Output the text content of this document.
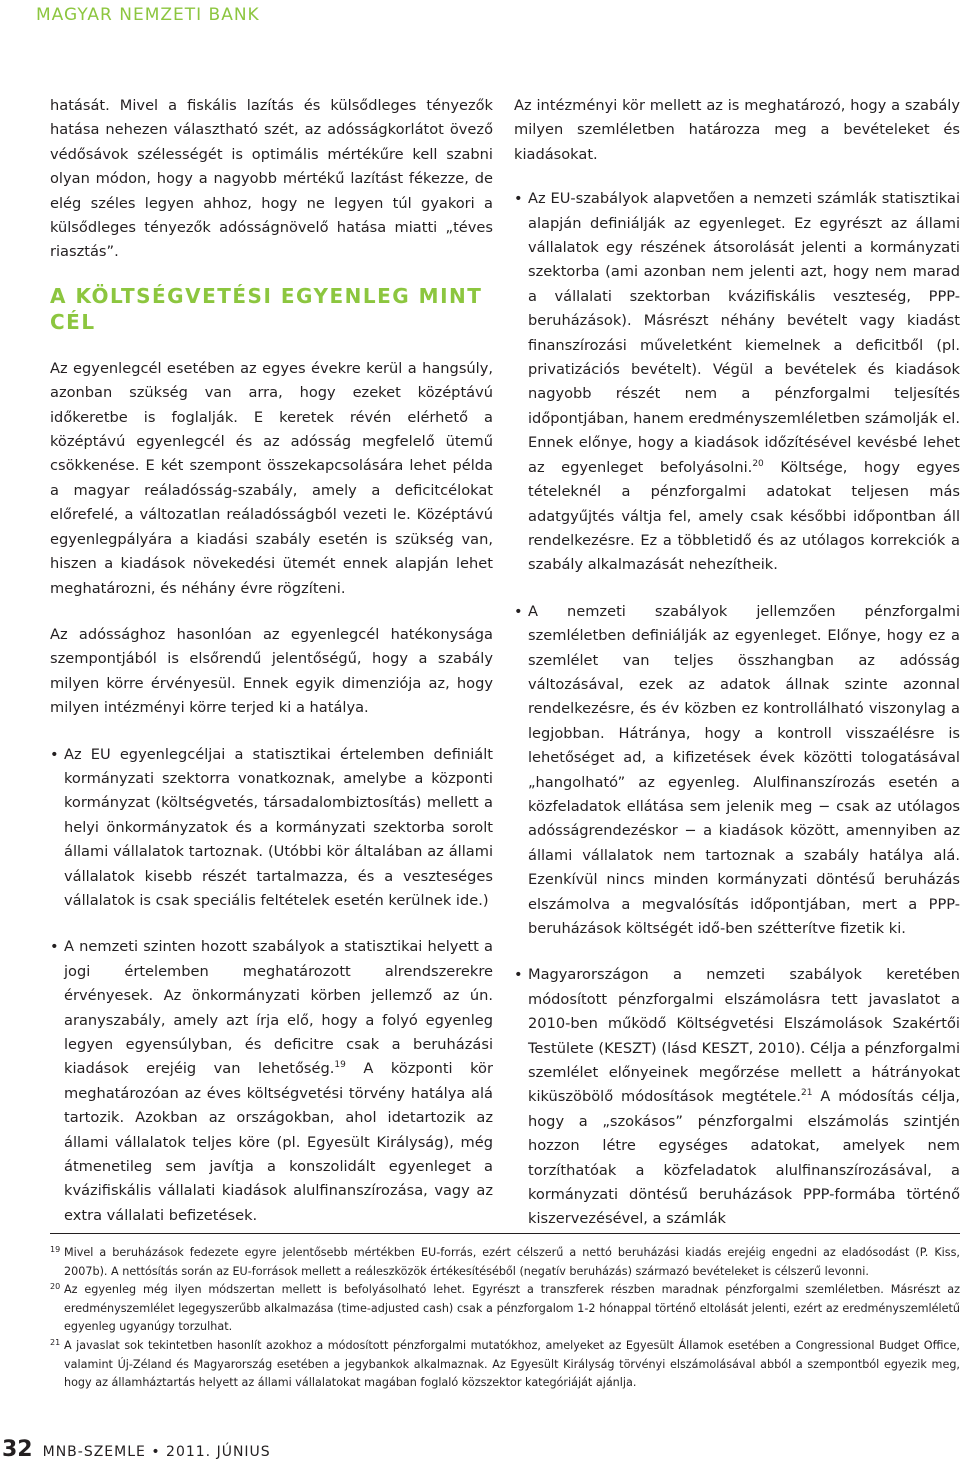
MAGYAR NEMZETI BANK

hatását. Mivel a fiskális lazítás és külsődleges tényezők hatása nehezen választható szét, az adósságkorlátot övező védősávok szélességét is optimális mértékűre kell szabni olyan módon, hogy a nagyobb mértékű lazítást fékezze, de elég széles legyen ahhoz, hogy ne legyen túl gyakori a külsődleges tényezők adósságnövelő hatása miatti „téves riasztás”.

A KÖLTSÉGVETÉSI EGYENLEG MINT CÉL

Az egyenlegcél esetében az egyes évekre kerül a hangsúly, azonban szükség van arra, hogy ezeket középtávú időkeretbe is foglalják. E keretek révén elérhető a középtávú egyenlegcél és az adósság megfelelő ütemű csökkenése. E két szempont összekapcsolására lehet példa a magyar reáladósság-szabály, amely a deficitcélokat előrefelé, a változatlan reáladósságból vezeti le. Középtávú egyenlegpályára a kiadási szabály esetén is szükség van, hiszen a kiadások növekedési ütemét ennek alapján lehet meghatározni, és néhány évre rögzíteni.

Az adóssághoz hasonlóan az egyenlegcél hatékonysága szempontjából is elsőrendű jelentőségű, hogy a szabály milyen körre érvényesül. Ennek egyik dimenziója az, hogy milyen intézményi körre terjed ki a hatálya.

• Az EU egyenlegcéljai a statisztikai értelemben definiált kormányzati szektorra vonatkoznak, amelybe a központi kormányzat (költségvetés, társadalombiztosítás) mellett a helyi önkormányzatok és a kormányzati szektorba sorolt állami vállalatok tartoznak. (Utóbbi kör általában az állami vállalatok kisebb részét tartalmazza, és a veszteséges vállalatok is csak speciális feltételek esetén kerülnek ide.)

• A nemzeti szinten hozott szabályok a statisztikai helyett a jogi értelemben meghatározott alrendszerekre érvényesek. Az önkormányzati körben jellemző az ún. aranyszabály, amely azt írja elő, hogy a folyó egyenleg legyen egyensúlyban, és deficitre csak a beruházási kiadások erejéig van lehetőség.$^{19}$ A központi kör meghatározóan az éves költségvetési törvény hatálya alá tartozik. Azokban az országokban, ahol idetartozik az állami vállalatok teljes köre (pl. Egyesült Királyság), még átmenetileg sem javítja a konszolidált egyenleget a kvázifiskális vállalati kiadások alulfinanszírozása, vagy az extra vállalati befizetések.

Az intézményi kör mellett az is meghatározó, hogy a szabály milyen szemléletben határozza meg a bevételeket és kiadásokat.

• Az EU-szabályok alapvetően a nemzeti számlák statisztikai alapján definiálják az egyenleget. Ez egyrészt az állami vállalatok egy részének átsorolását jelenti a kormányzati szektorba (ami azonban nem jelenti azt, hogy nem marad a vállalati szektorban kvázifiskális veszteség, PPP-beruházások). Másrészt néhány bevételt vagy kiadást finanszírozási műveletként kiemelnek a deficitből (pl. privatizációs bevételt). Végül a bevételek és kiadások nagyobb részét nem a pénzforgalmi teljesítés időpontjában, hanem eredményszemléletben számolják el. Ennek előnye, hogy a kiadások időzítésével kevésbé lehet az egyenleget befolyásolni.$^{20}$ Költsége, hogy egyes tételeknél a pénzforgalmi adatokat teljesen más adatgyűjtés váltja fel, amely csak későbbi időpontban áll rendelkezésre. Ez a többletidő és az utólagos korrekciók a szabály alkalmazását nehezítheik.

• A nemzeti szabályok jellemzően pénzforgalmi szemléletben definiálják az egyenleget. Előnye, hogy ez a szemlélet van teljes összhangban az adósság változásával, ezek az adatok állnak szinte azonnal rendelkezésre, és év közben ez kontrollálható viszonylag a legjobban. Hátránya, hogy a kontroll visszaélésre is lehetőséget ad, a kifizetések évek közötti tologatásával „hangolható” az egyenleg. Alulfinanszírozás esetén a közfeladatok ellátása sem jelenik meg − csak az utólagos adósságrendezéskor − a kiadások között, amennyiben az állami vállalatok nem tartoznak a szabály hatálya alá. Ezenkívül nincs minden kormányzati döntésű beruházás elszámolva a megvalósítás időpontjában, mert a PPP-beruházások költségét idő-ben szétterítve fizetik ki.

• Magyarországon a nemzeti szabályok keretében módosított pénzforgalmi elszámolásra tett javaslatot a 2010-ben működő Költségvetési Elszámolások Szakértői Testülete (KESZT) (lásd KESZT, 2010). Célja a pénzforgalmi szemlélet előnyeinek megőrzése mellett a hátrányokat kiküszöbölő módosítások megtétele.$^{21}$ A módosítás célja, hogy a „szokásos” pénzforgalmi elszámolás szintjén hozzon létre egységes adatokat, amelyek nem torzíthatóak a közfeladatok alulfinanszírozásával, a kormányzati döntésű beruházások PPP-formába történő kiszervezésével, a számlák

19 Mivel a beruházások fedezete egyre jelentősebb mértékben EU-forrás, ezért célszerű a nettó beruházási kiadás erejéig engedni az eladósodást (P. Kiss, 2007b). A nettósítás során az EU-források mellett a reáleszközök értékesítéséből (negatív beruházás) származó bevételeket is célszerű levonni.

20 Az egyenleg még ilyen módszertan mellett is befolyásolható lehet. Egyrészt a transzferek részben maradnak pénzforgalmi szemléletben. Másrészt az eredményszemlélet legegyszerűbb alkalmazása (time-adjusted cash) csak a pénzforgalom 1-2 hónappal történő eltolását jelenti, ezért az eredményszemléletű egyenleg ugyanúgy torzulhat.

21 A javaslat sok tekintetben hasonlít azokhoz a módosított pénzforgalmi mutatókhoz, amelyeket az Egyesült Államok esetében a Congressional Budget Office, valamint Új-Zéland és Magyarország esetében a jegybankok alkalmaznak. Az Egyesült Királyság törvényi elszámolásával abból a szempontból egyezik meg, hogy az államháztartás helyett az állami vállalatokat magában foglaló közszektor kategóriáját ajánlja.

32 MNB-SZEMLE • 2011. JÚNIUS
